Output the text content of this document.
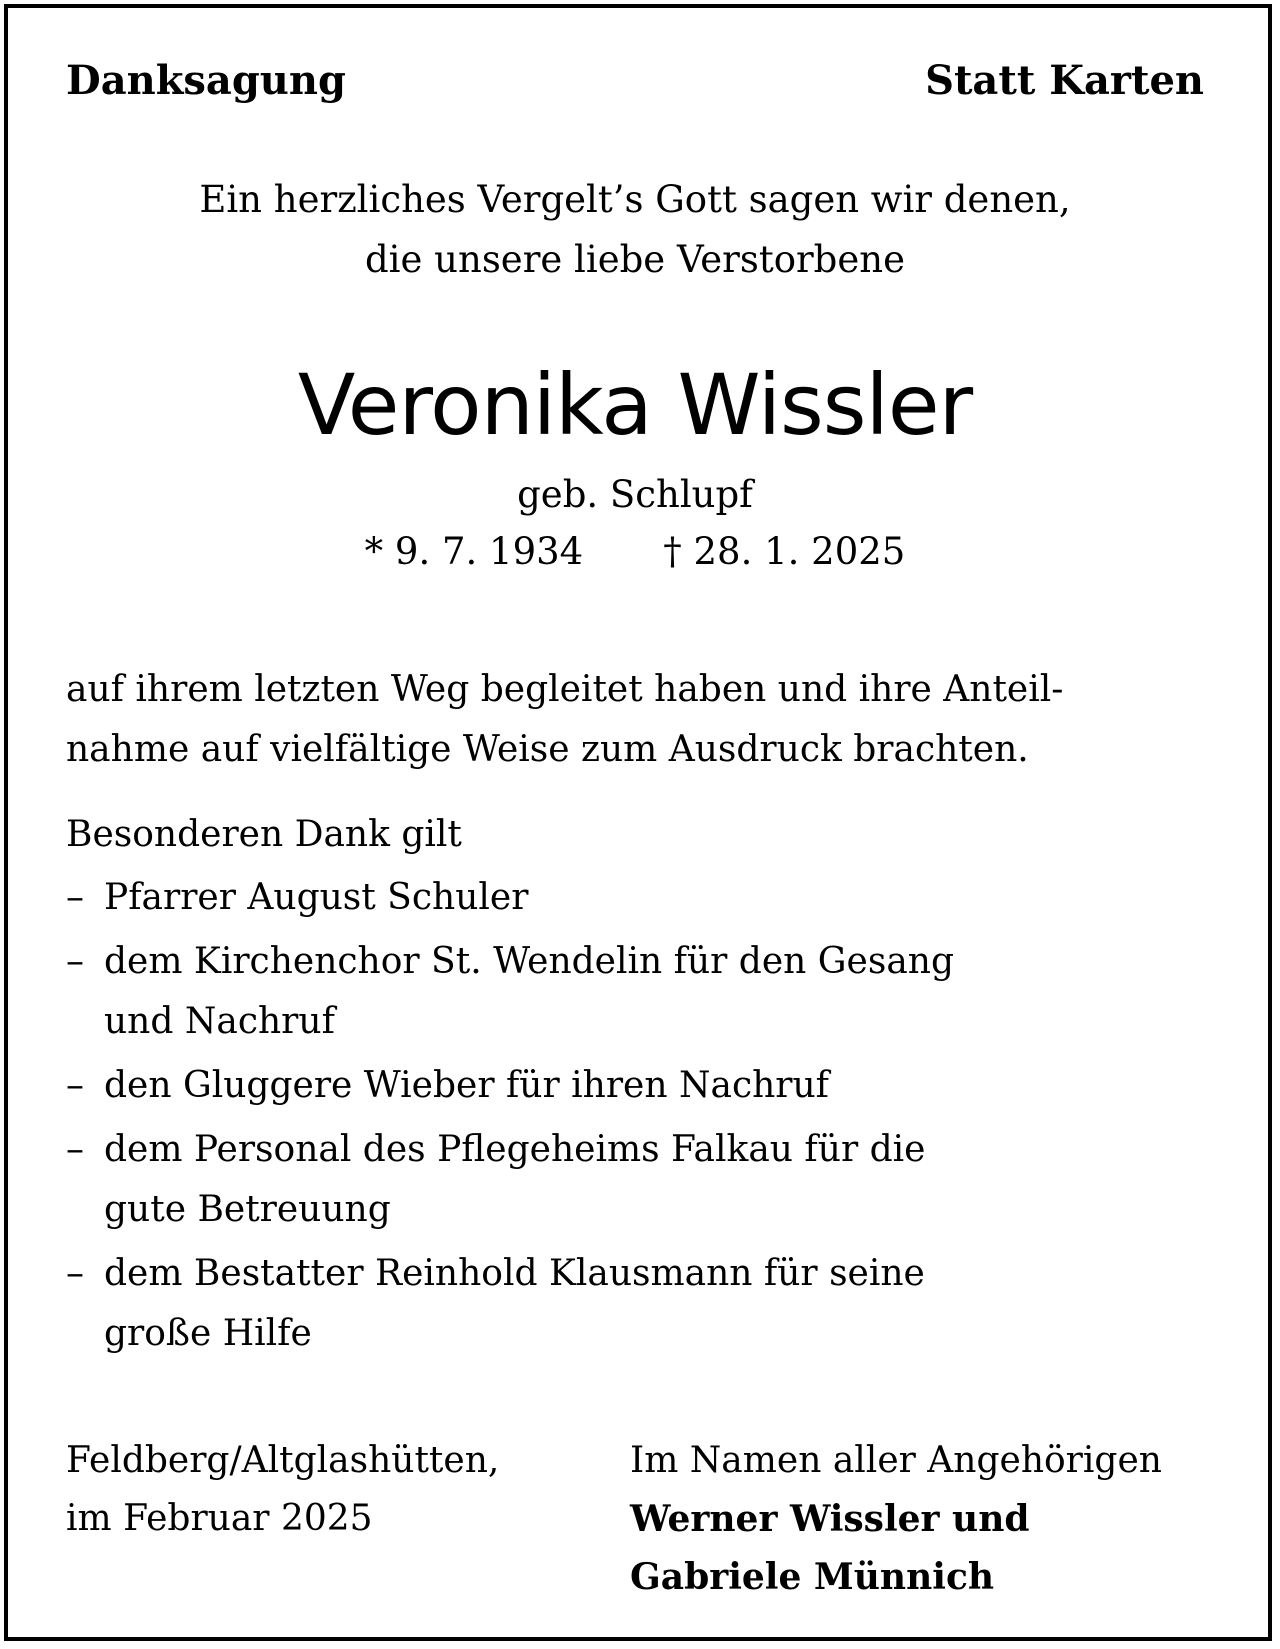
Danksagung	Statt Karten
Ein herzliches Vergelt’s Gott sagen wir denen,
die unsere liebe Verstorbene
Veronika Wissler
geb. Schlupf
* 9. 7. 1934 † 28. 1. 2025
auf ihrem letzten Weg begleitet haben und ihre Anteil-
nahme auf vielfältige Weise zum Ausdruck brachten.
Besonderen Dank gilt
– Pfarrer August Schuler
– dem Kirchenchor St. Wendelin für den Gesang
und Nachruf
– den Gluggere Wieber für ihren Nachruf
– dem Personal des Pflegeheims Falkau für die
gute Betreuung
– dem Bestatter Reinhold Klausmann für seine
große Hilfe
Feldberg/Altglashütten,
im Februar 2025
Im Namen aller Angehörigen
Werner Wissler und
Gabriele Münnich
